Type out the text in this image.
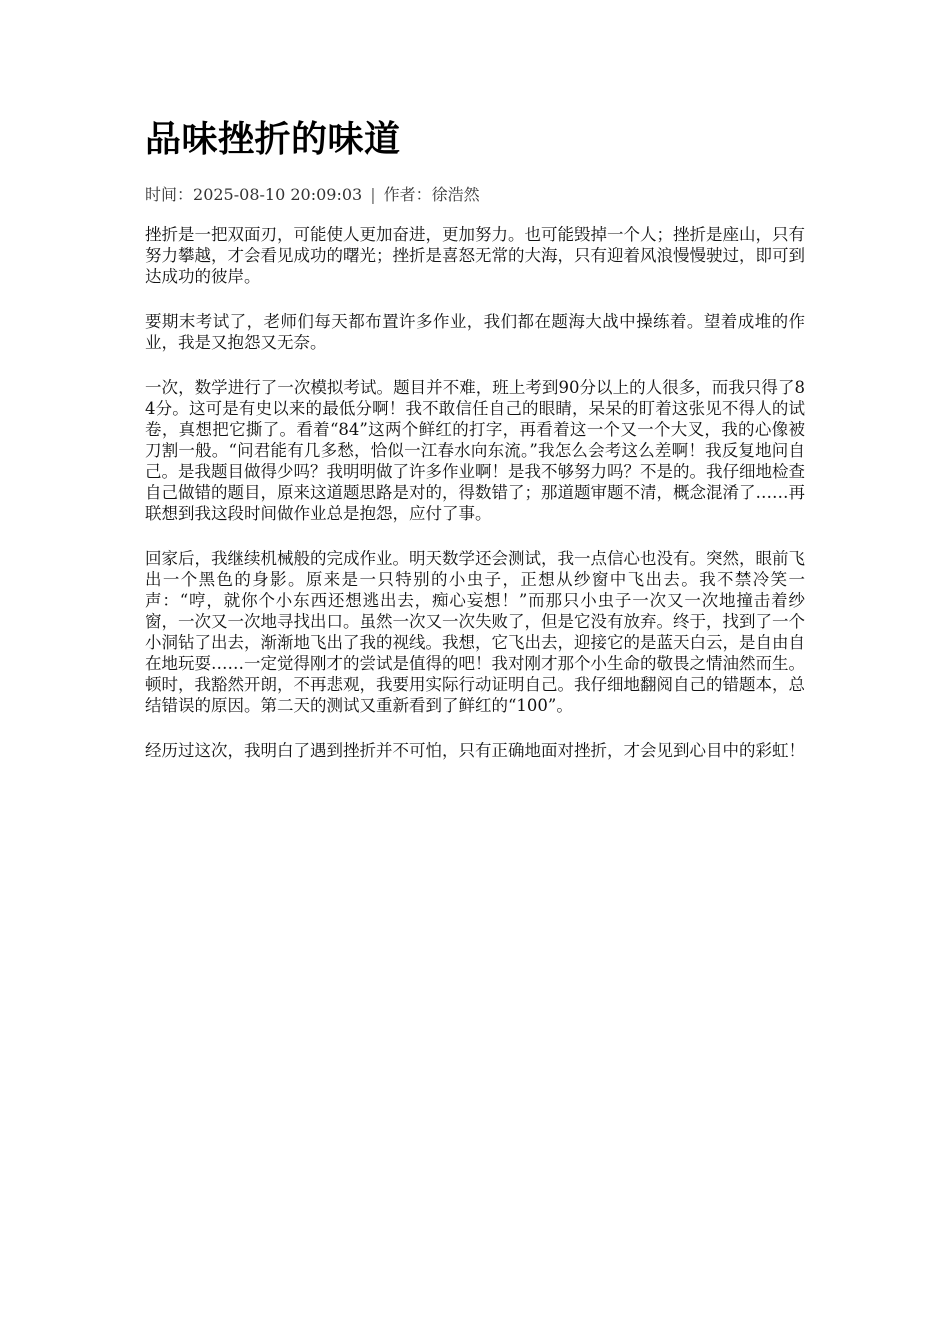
品味挫折的味道
时间：2025-08-10 20:09:03 | 作者：徐浩然

挫折是一把双面刃，可能使人更加奋进，更加努力。也可能毁掉一个人；挫折是座山，只有努力攀越，才会看见成功的曙光；挫折是喜怒无常的大海，只有迎着风浪慢慢驶过，即可到达成功的彼岸。

要期末考试了，老师们每天都布置许多作业，我们都在题海大战中操练着。望着成堆的作业，我是又抱怨又无奈。

一次，数学进行了一次模拟考试。题目并不难，班上考到90分以上的人很多，而我只得了84分。这可是有史以来的最低分啊！我不敢信任自己的眼睛，呆呆的盯着这张见不得人的试卷，真想把它撕了。看着“84”这两个鲜红的打字，再看着这一个又一个大叉，我的心像被刀割一般。“问君能有几多愁，恰似一江春水向东流。”我怎么会考这么差啊！我反复地问自己。是我题目做得少吗？我明明做了许多作业啊！是我不够努力吗？不是的。我仔细地检查自己做错的题目，原来这道题思路是对的，得数错了；那道题审题不清，概念混淆了……再联想到我这段时间做作业总是抱怨，应付了事。

回家后，我继续机械般的完成作业。明天数学还会测试，我一点信心也没有。突然，眼前飞出一个黑色的身影。原来是一只特别的小虫子，正想从纱窗中飞出去。我不禁冷笑一声：“哼，就你个小东西还想逃出去，痴心妄想！”而那只小虫子一次又一次地撞击着纱窗，一次又一次地寻找出口。虽然一次又一次失败了，但是它没有放弃。终于，找到了一个小洞钻了出去，渐渐地飞出了我的视线。我想，它飞出去，迎接它的是蓝天白云，是自由自在地玩耍……一定觉得刚才的尝试是值得的吧！我对刚才那个小生命的敬畏之情油然而生。顿时，我豁然开朗，不再悲观，我要用实际行动证明自己。我仔细地翻阅自己的错题本，总结错误的原因。第二天的测试又重新看到了鲜红的“100”。

经历过这次，我明白了遇到挫折并不可怕，只有正确地面对挫折，才会见到心目中的彩虹！
